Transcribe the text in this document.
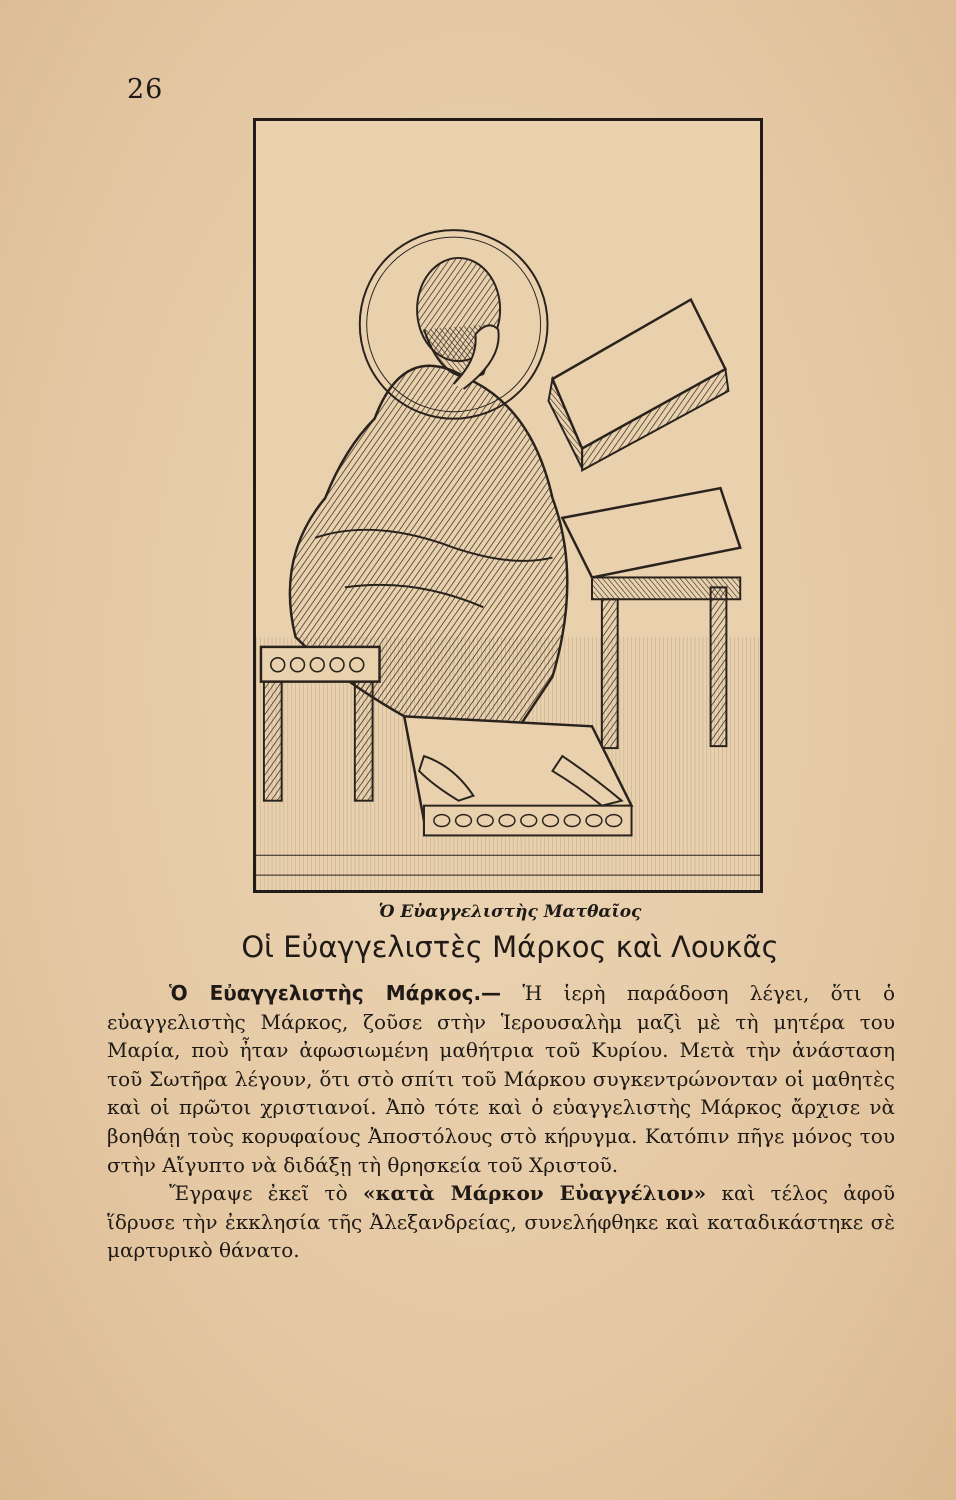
26
Ὁ Εὐαγγελιστὴς Ματθαῖος
Οἱ Εὐαγγελιστὲς Μάρκος καὶ Λουκᾶς

Ὁ Εὐαγγελιστὴς Μάρκος.— Ἡ ἱερὴ παράδοση λέγει, ὅτι ὁ εὐαγγελιστὴς Μάρκος, ζοῦσε στὴν Ἱερουσαλὴμ μαζὶ μὲ τὴ μητέρα του Μαρία, ποὺ ἦταν ἀφωσιωμένη μαθήτρια τοῦ Κυρίου. Μετὰ τὴν ἀνάσταση τοῦ Σωτῆρα λέγουν, ὅτι στὸ σπίτι τοῦ Μάρκου συγκεντρώνονταν οἱ μαθητὲς καὶ οἱ πρῶτοι χριστιανοί. Ἀπὸ τότε καὶ ὁ εὐαγγελιστὴς Μάρκος ἄρχισε νὰ βοηθάῃ τοὺς κορυφαίους Ἀποστόλους στὸ κήρυγμα. Κατόπιν πῆγε μόνος του στὴν Αἴγυπτο νὰ διδάξῃ τὴ θρησκεία τοῦ Χριστοῦ.

Ἔγραψε ἐκεῖ τὸ «κατὰ Μάρκον Εὐαγγέλιον» καὶ τέλος ἀφοῦ ἵδρυσε τὴν ἐκκλησία τῆς Ἀλεξανδρείας, συνελήφθηκε καὶ καταδικάστηκε σὲ μαρτυρικὸ θάνατο.
